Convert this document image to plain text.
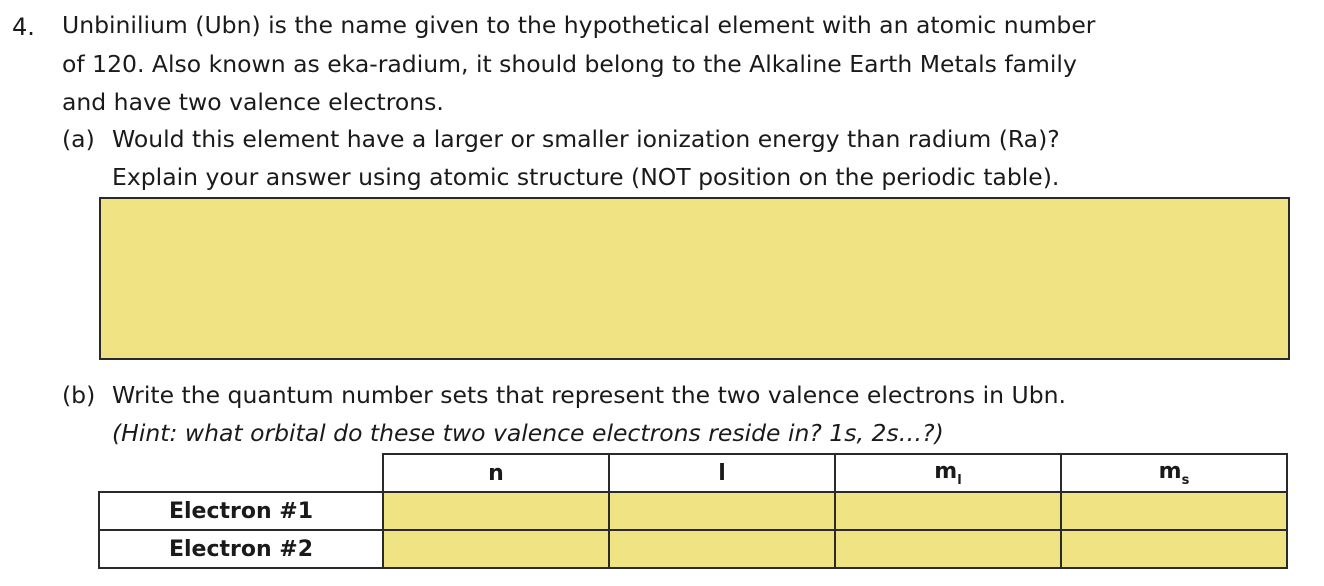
4. Unbinilium (Ubn) is the name given to the hypothetical element with an atomic number
of 120. Also known as eka-radium, it should belong to the Alkaline Earth Metals family
and have two valence electrons.
(a) Would this element have a larger or smaller ionization energy than radium (Ra)?
Explain your answer using atomic structure (NOT position on the periodic table).
(b) Write the quantum number sets that represent the two valence electrons in Ubn.
(Hint: what orbital do these two valence electrons reside in? 1s, 2s…?)
	n	l	$m_l$	$m_s$
Electron #1				
Electron #2				
